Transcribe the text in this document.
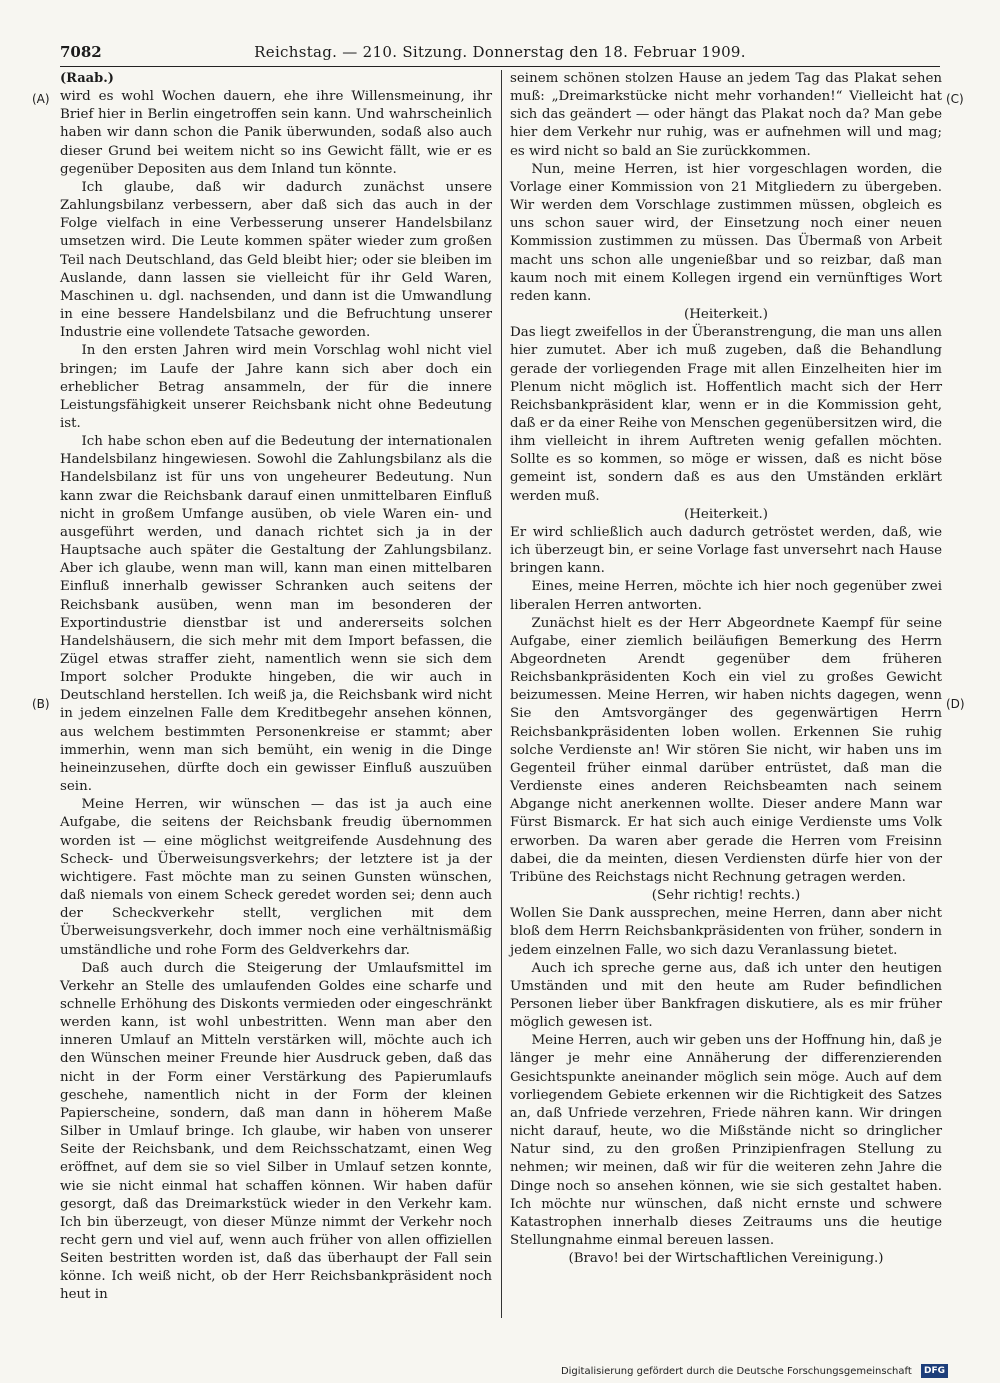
7082	Reichstag. — 210. Sitzung. Donnerstag den 18. Februar 1909.
(A)
(B)
(C)
(D)
(Raab.)

wird es wohl Wochen dauern, ehe ihre Willensmeinung, ihr Brief hier in Berlin eingetroffen sein kann. Und wahrscheinlich haben wir dann schon die Panik überwunden, sodaß also auch dieser Grund bei weitem nicht so ins Gewicht fällt, wie er es gegenüber Depositen aus dem Inland tun könnte.

Ich glaube, daß wir dadurch zunächst unsere Zahlungsbilanz verbessern, aber daß sich das auch in der Folge vielfach in eine Verbesserung unserer Handelsbilanz umsetzen wird. Die Leute kommen später wieder zum großen Teil nach Deutschland, das Geld bleibt hier; oder sie bleiben im Auslande, dann lassen sie vielleicht für ihr Geld Waren, Maschinen u. dgl. nachsenden, und dann ist die Umwandlung in eine bessere Handelsbilanz und die Befruchtung unserer Industrie eine vollendete Tatsache geworden.

In den ersten Jahren wird mein Vorschlag wohl nicht viel bringen; im Laufe der Jahre kann sich aber doch ein erheblicher Betrag ansammeln, der für die innere Leistungsfähigkeit unserer Reichsbank nicht ohne Bedeutung ist.

Ich habe schon eben auf die Bedeutung der internationalen Handelsbilanz hingewiesen. Sowohl die Zahlungsbilanz als die Handelsbilanz ist für uns von ungeheurer Bedeutung. Nun kann zwar die Reichsbank darauf einen unmittelbaren Einfluß nicht in großem Umfange ausüben, ob viele Waren ein- und ausgeführt werden, und danach richtet sich ja in der Hauptsache auch später die Gestaltung der Zahlungsbilanz. Aber ich glaube, wenn man will, kann man einen mittelbaren Einfluß innerhalb gewisser Schranken auch seitens der Reichsbank ausüben, wenn man im besonderen der Exportindustrie dienstbar ist und andererseits solchen Handelshäusern, die sich mehr mit dem Import befassen, die Zügel etwas straffer zieht, namentlich wenn sie sich dem Import solcher Produkte hingeben, die wir auch in Deutschland herstellen. Ich weiß ja, die Reichsbank wird nicht in jedem einzelnen Falle dem Kreditbegehr ansehen können, aus welchem bestimmten Personenkreise er stammt; aber immerhin, wenn man sich bemüht, ein wenig in die Dinge heineinzusehen, dürfte doch ein gewisser Einfluß auszuüben sein.

Meine Herren, wir wünschen — das ist ja auch eine Aufgabe, die seitens der Reichsbank freudig übernommen worden ist — eine möglichst weitgreifende Ausdehnung des Scheck- und Überweisungsverkehrs; der letztere ist ja der wichtigere. Fast möchte man zu seinen Gunsten wünschen, daß niemals von einem Scheck geredet worden sei; denn auch der Scheckverkehr stellt, verglichen mit dem Überweisungsverkehr, doch immer noch eine verhältnismäßig umständliche und rohe Form des Geldverkehrs dar.

Daß auch durch die Steigerung der Umlaufsmittel im Verkehr an Stelle des umlaufenden Goldes eine scharfe und schnelle Erhöhung des Diskonts vermieden oder eingeschränkt werden kann, ist wohl unbestritten. Wenn man aber den inneren Umlauf an Mitteln verstärken will, möchte auch ich den Wünschen meiner Freunde hier Ausdruck geben, daß das nicht in der Form einer Verstärkung des Papierumlaufs geschehe, namentlich nicht in der Form der kleinen Papierscheine, sondern, daß man dann in höherem Maße Silber in Umlauf bringe. Ich glaube, wir haben von unserer Seite der Reichsbank, und dem Reichsschatzamt, einen Weg eröffnet, auf dem sie so viel Silber in Umlauf setzen konnte, wie sie nicht einmal hat schaffen können. Wir haben dafür gesorgt, daß das Dreimarkstück wieder in den Verkehr kam. Ich bin überzeugt, von dieser Münze nimmt der Verkehr noch recht gern und viel auf, wenn auch früher von allen offiziellen Seiten bestritten worden ist, daß das überhaupt der Fall sein könne. Ich weiß nicht, ob der Herr Reichsbankpräsident noch heut in

seinem schönen stolzen Hause an jedem Tag das Plakat sehen muß: „Dreimarkstücke nicht mehr vorhanden!“ Vielleicht hat sich das geändert — oder hängt das Plakat noch da? Man gebe hier dem Verkehr nur ruhig, was er aufnehmen will und mag; es wird nicht so bald an Sie zurückkommen.

Nun, meine Herren, ist hier vorgeschlagen worden, die Vorlage einer Kommission von 21 Mitgliedern zu übergeben. Wir werden dem Vorschlage zustimmen müssen, obgleich es uns schon sauer wird, der Einsetzung noch einer neuen Kommission zustimmen zu müssen. Das Übermaß von Arbeit macht uns schon alle ungenießbar und so reizbar, daß man kaum noch mit einem Kollegen irgend ein vernünftiges Wort reden kann.

(Heiterkeit.)

Das liegt zweifellos in der Überanstrengung, die man uns allen hier zumutet. Aber ich muß zugeben, daß die Behandlung gerade der vorliegenden Frage mit allen Einzelheiten hier im Plenum nicht möglich ist. Hoffentlich macht sich der Herr Reichsbankpräsident klar, wenn er in die Kommission geht, daß er da einer Reihe von Menschen gegenübersitzen wird, die ihm vielleicht in ihrem Auftreten wenig gefallen möchten. Sollte es so kommen, so möge er wissen, daß es nicht böse gemeint ist, sondern daß es aus den Umständen erklärt werden muß.

(Heiterkeit.)

Er wird schließlich auch dadurch getröstet werden, daß, wie ich überzeugt bin, er seine Vorlage fast unversehrt nach Hause bringen kann.

Eines, meine Herren, möchte ich hier noch gegenüber zwei liberalen Herren antworten.

Zunächst hielt es der Herr Abgeordnete Kaempf für seine Aufgabe, einer ziemlich beiläufigen Bemerkung des Herrn Abgeordneten Arendt gegenüber dem früheren Reichsbankpräsidenten Koch ein viel zu großes Gewicht beizumessen. Meine Herren, wir haben nichts dagegen, wenn Sie den Amtsvorgänger des gegenwärtigen Herrn Reichsbankpräsidenten loben wollen. Erkennen Sie ruhig solche Verdienste an! Wir stören Sie nicht, wir haben uns im Gegenteil früher einmal darüber entrüstet, daß man die Verdienste eines anderen Reichsbeamten nach seinem Abgange nicht anerkennen wollte. Dieser andere Mann war Fürst Bismarck. Er hat sich auch einige Verdienste ums Volk erworben. Da waren aber gerade die Herren vom Freisinn dabei, die da meinten, diesen Verdiensten dürfe hier von der Tribüne des Reichstags nicht Rechnung getragen werden.

(Sehr richtig! rechts.)

Wollen Sie Dank aussprechen, meine Herren, dann aber nicht bloß dem Herrn Reichsbankpräsidenten von früher, sondern in jedem einzelnen Falle, wo sich dazu Veranlassung bietet.

Auch ich spreche gerne aus, daß ich unter den heutigen Umständen und mit den heute am Ruder befindlichen Personen lieber über Bankfragen diskutiere, als es mir früher möglich gewesen ist.

Meine Herren, auch wir geben uns der Hoffnung hin, daß je länger je mehr eine Annäherung der differenzierenden Gesichtspunkte aneinander möglich sein möge. Auch auf dem vorliegendem Gebiete erkennen wir die Richtigkeit des Satzes an, daß Unfriede verzehren, Friede nähren kann. Wir dringen nicht darauf, heute, wo die Mißstände nicht so dringlicher Natur sind, zu den großen Prinzipienfragen Stellung zu nehmen; wir meinen, daß wir für die weiteren zehn Jahre die Dinge noch so ansehen können, wie sie sich gestaltet haben. Ich möchte nur wünschen, daß nicht ernste und schwere Katastrophen innerhalb dieses Zeitraums uns die heutige Stellungnahme einmal bereuen lassen.

(Bravo! bei der Wirtschaftlichen Vereinigung.)

Digitalisierung gefördert durch die Deutsche Forschungsgemeinschaft DFG
